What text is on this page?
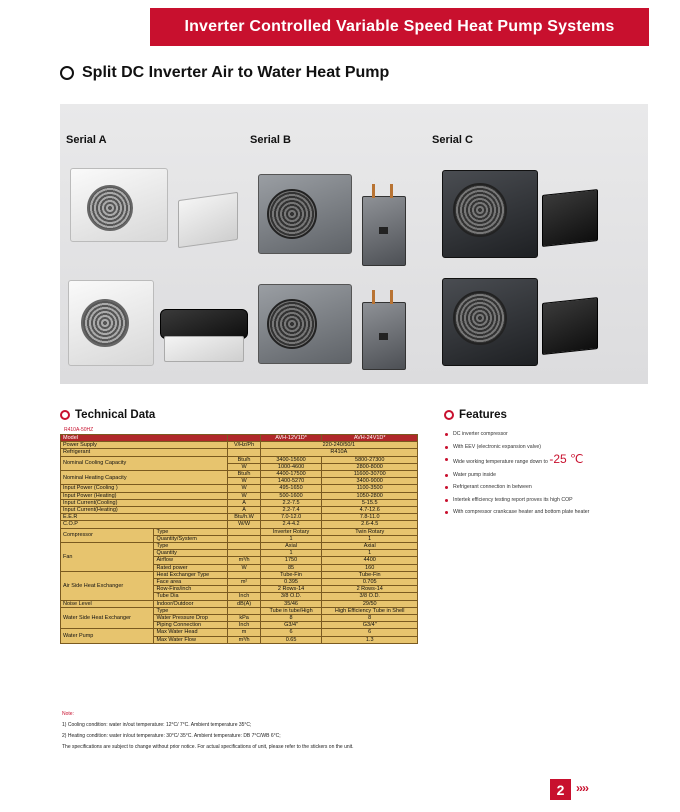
Inverter Controlled Variable Speed Heat Pump Systems
Split DC Inverter Air to Water Heat Pump
Serial A	Serial B	Serial C
Technical Data
R410A-50HZ
Model			AVH-12V1D*	AVH-24V1D*
Power Supply		V/Hz/Ph	220-240/50/1	
Refrigerant			R410A	
Nominal Cooling Capacity		Btu/h	3400-15600	5800-27300
		W	1000-4600	2800-8000
Nominal Heating Capacity		Btu/h	4400-17500	11600-30700
		W	1400-5270	3400-9000
Input Power (Cooling )		W	495-1650	1100-3500
Input Power (Heating)		W	500-1600	1050-2800
Input Current(Cooling)		A	2.2-7.5	5-15.5
Input Current(Heating)		A	2.2-7.4	4.7-12.6
E.E.R		Btu/h.W	7.0-12.0	7.8-11.0
C.O.P		W/W	2.4-4.2	2.6-4.5
Compressor	Type		Inverter Rotary	Twin Rotary
	Quantity/System		1	1
Fan	Type		Axial	Axial
	Quantity		1	1
	Airflow	m³/h	1750	4400
	Rated power	W	85	160
Air Side Heat Exchanger	Heat Exchanger Type		Tube-Fin	Tube-Fin
	Face area	m²	0.395	0.705
	Row-Fins/inch		2 Rows-14	2 Rows-14
	Tube Dia	Inch	3/8 O.D.	3/8 O.D.
Noise Level	Indoor/Outdoor	dB(A)	35/46	29/50
Water Side Heat Exchanger	Type		Tube in tube/High	High Efficiency Tube in Shell
	Water Pressure Drop	kPa	8	8
	Piping Connection	Inch	G3/4"	G3/4"
Water Pump	Max Water Head	m	6	6
	Max Water Flow	m³/h	0.65	1.3
Features
DC inverter compressor
With EEV (electronic expansion valve)
Wide working temperature range down to -25 ℃
Water pump inside
Refrigerant connection in between
Intertek efficiency testing report proves its high COP
With compressor crankcase heater and bottom plate heater
Note:
1) Cooling condition: water in/out temperature: 12°C/ 7°C. Ambient temperature 35°C;
2) Heating condition: water in/out temperature: 30°C/ 35°C. Ambient temperature: DB 7°C/WB 6°C;
The specifications are subject to change without prior notice. For actual specifications of unit, please refer to the stickers on the unit.
2 ››››
